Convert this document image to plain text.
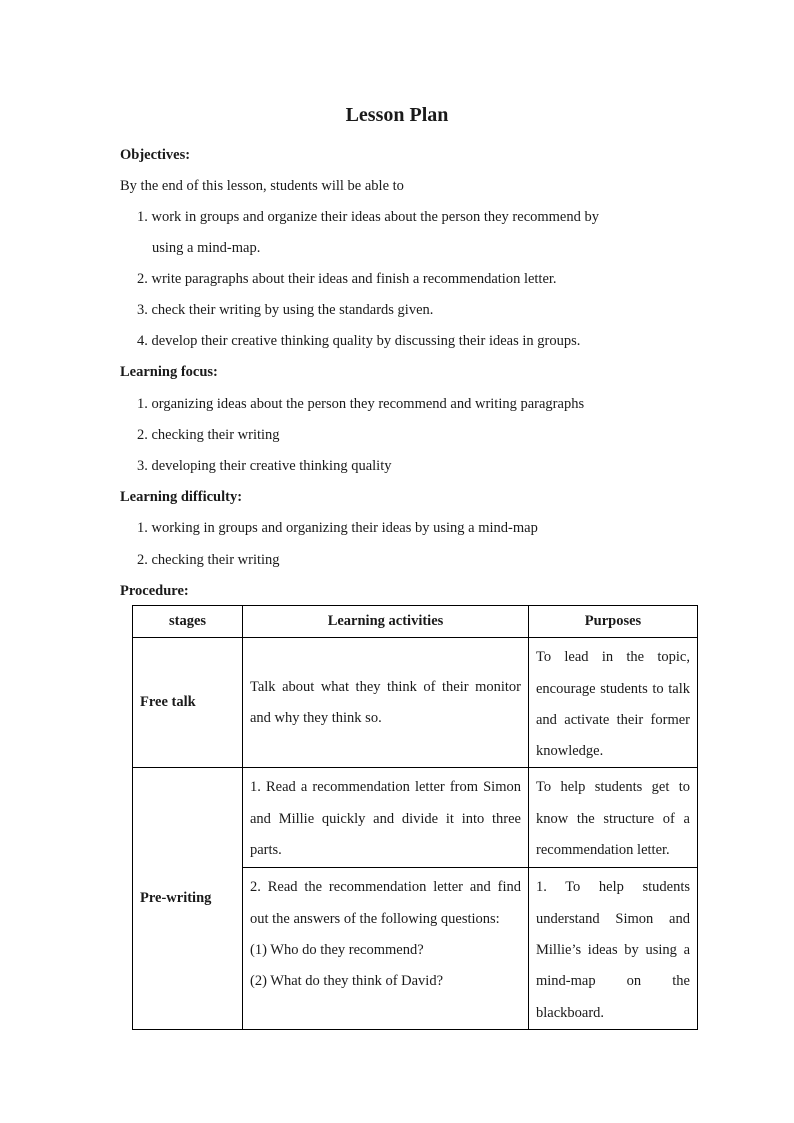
Lesson Plan
Objectives:
By the end of this lesson, students will be able to
1. work in groups and organize their ideas about the person they recommend by
using a mind-map.
2. write paragraphs about their ideas and finish a recommendation letter.
3. check their writing by using the standards given.
4. develop their creative thinking quality by discussing their ideas in groups.
Learning focus:
1. organizing ideas about the person they recommend and writing paragraphs
2. checking their writing
3. developing their creative thinking quality
Learning difficulty:
1. working in groups and organizing their ideas by using a mind-map
2. checking their writing
Procedure:
stages	Learning activities	Purposes
Free talk	Talk about what they think of their monitor and why they think so.	To lead in the topic, encourage students to talk and activate their former knowledge.
Pre-writing	1. Read a recommendation letter from Simon and Millie quickly and divide it into three parts.	To help students get to know the structure of a recommendation letter.

	2. Read the recommendation letter and find out the answers of the following questions:
(1) Who do they recommend?
(2) What do they think of David?	1. To help students understand Simon and Millie’s ideas by using a mind-map on the blackboard.
